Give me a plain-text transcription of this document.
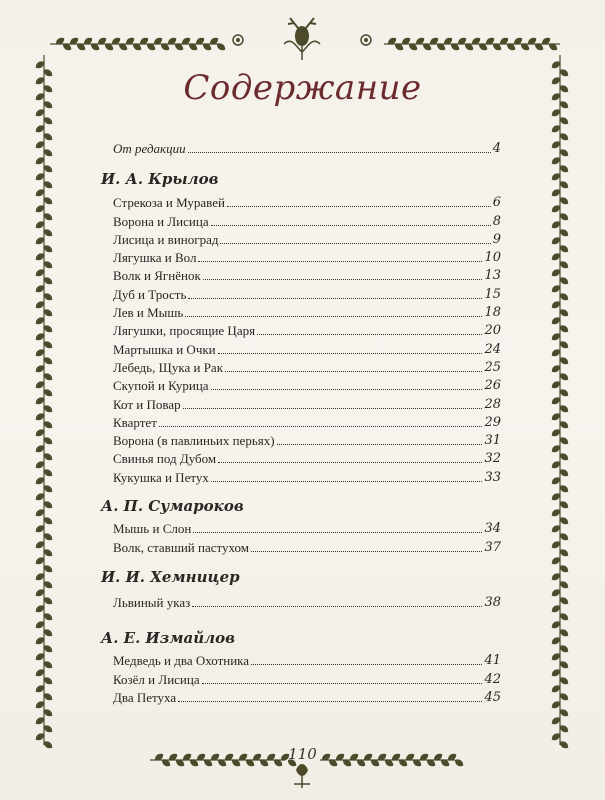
Содержание
От редакции	4
И. А. Крылов
Стрекоза и Муравей	6
Ворона и Лисица	8
Лисица и виноград	9
Лягушка и Вол	10
Волк и Ягнёнок	13
Дуб и Трость	15
Лев и Мышь	18
Лягушки, просящие Царя	20
Мартышка и Очки	24
Лебедь, Щука и Рак	25
Скупой и Курица	26
Кот и Повар	28
Квартет	29
Ворона (в павлиньих перьях)	31
Свинья под Дубом	32
Кукушка и Петух	33
А. П. Сумароков
Мышь и Слон	34
Волк, ставший пастухом	37
И. И. Хемницер
Львиный указ	38
А. Е. Измайлов
Медведь и два Охотника	41
Козёл и Лисица	42
Два Петуха	45
110
